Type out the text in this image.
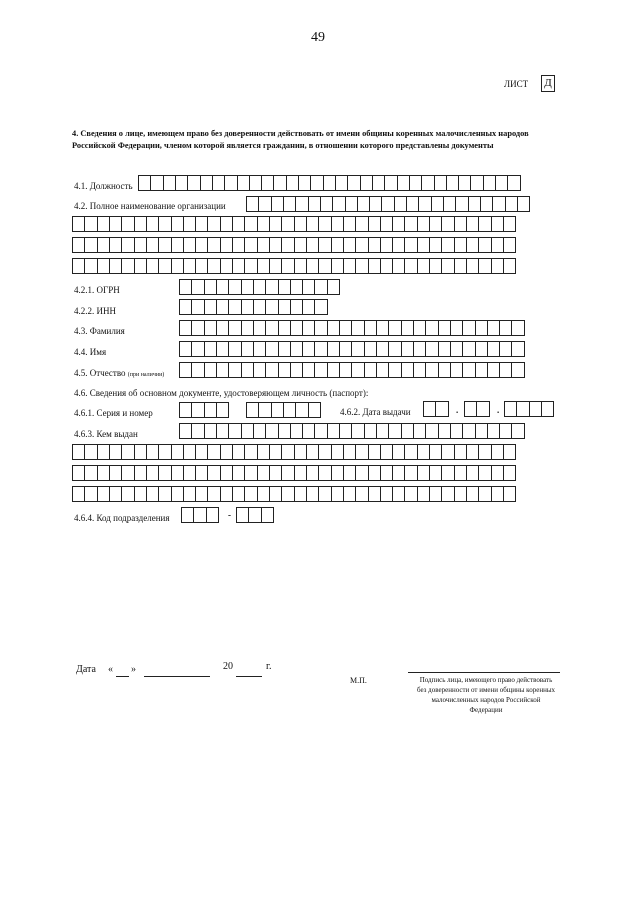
49
ЛИСТ Д
4. Сведения о лице, имеющем право без доверенности действовать от имени общины коренных малочисленных народов Российской Федерации, членом которой является гражданин, в отношении которого представлены документы
4.1. Должность
4.2. Полное наименование организации
4.2.1. ОГРН
4.2.2. ИНН
4.3. Фамилия
4.4. Имя
4.5. Отчество (при наличии)
4.6. Сведения об основном документе, удостоверяющем личность (паспорт):
4.6.1. Серия и номер	4.6.2. Дата выдачи	.	.
4.6.3. Кем выдан
4.6.4. Код подразделения	-
Дата « »	20	г.
М.П.	Подпись лица, имеющего право действовать без доверенности от имени общины коренных малочисленных народов Российской Федерации
